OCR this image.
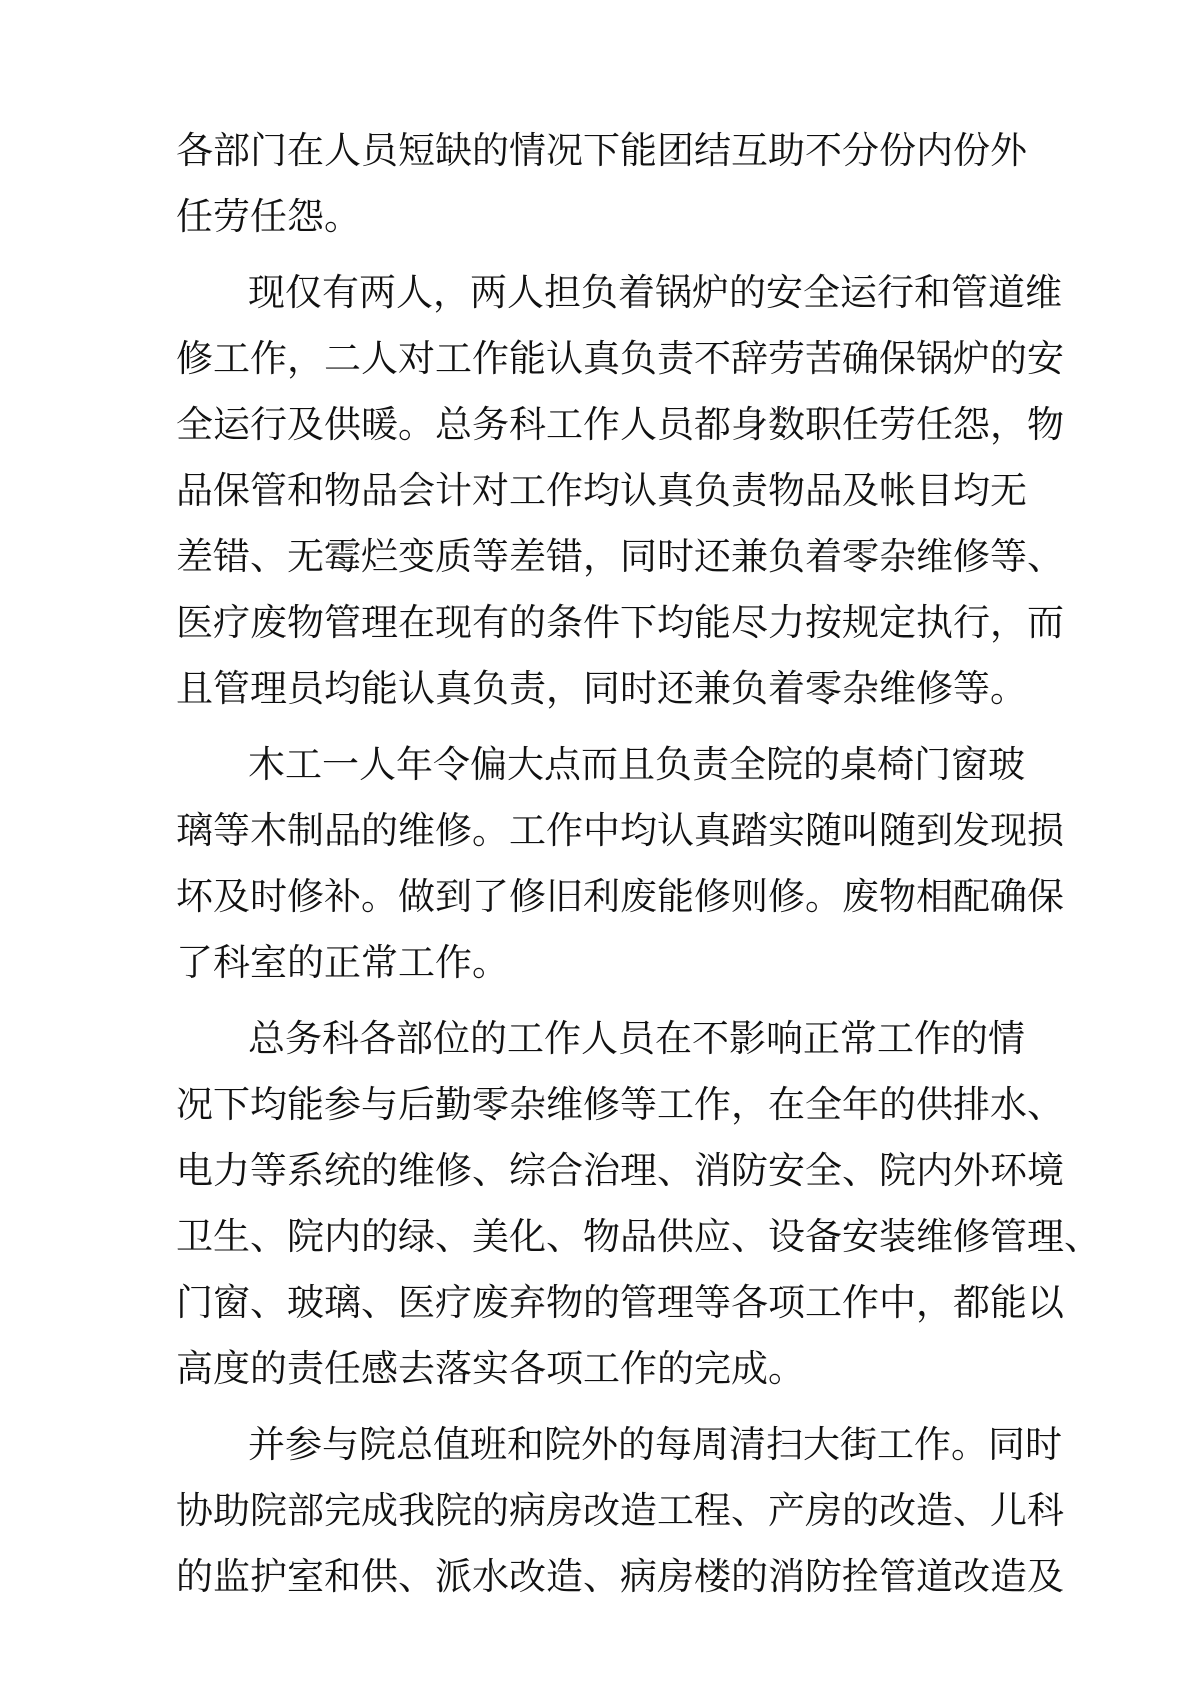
各部门在人员短缺的情况下能团结互助不分份内份外
任劳任怨。
现仅有两人，两人担负着锅炉的安全运行和管道维
修工作，二人对工作能认真负责不辞劳苦确保锅炉的安
全运行及供暖。总务科工作人员都身数职任劳任怨，物
品保管和物品会计对工作均认真负责物品及帐目均无
差错、无霉烂变质等差错，同时还兼负着零杂维修等、
医疗废物管理在现有的条件下均能尽力按规定执行，而
且管理员均能认真负责，同时还兼负着零杂维修等。
木工一人年令偏大点而且负责全院的桌椅门窗玻
璃等木制品的维修。工作中均认真踏实随叫随到发现损
坏及时修补。做到了修旧利废能修则修。废物相配确保
了科室的正常工作。
总务科各部位的工作人员在不影响正常工作的情
况下均能参与后勤零杂维修等工作，在全年的供排水、
电力等系统的维修、综合治理、消防安全、院内外环境
卫生、院内的绿、美化、物品供应、设备安装维修管理、
门窗、玻璃、医疗废弃物的管理等各项工作中，都能以
高度的责任感去落实各项工作的完成。
并参与院总值班和院外的每周清扫大街工作。同时
协助院部完成我院的病房改造工程、产房的改造、儿科
的监护室和供、派水改造、病房楼的消防拴管道改造及
